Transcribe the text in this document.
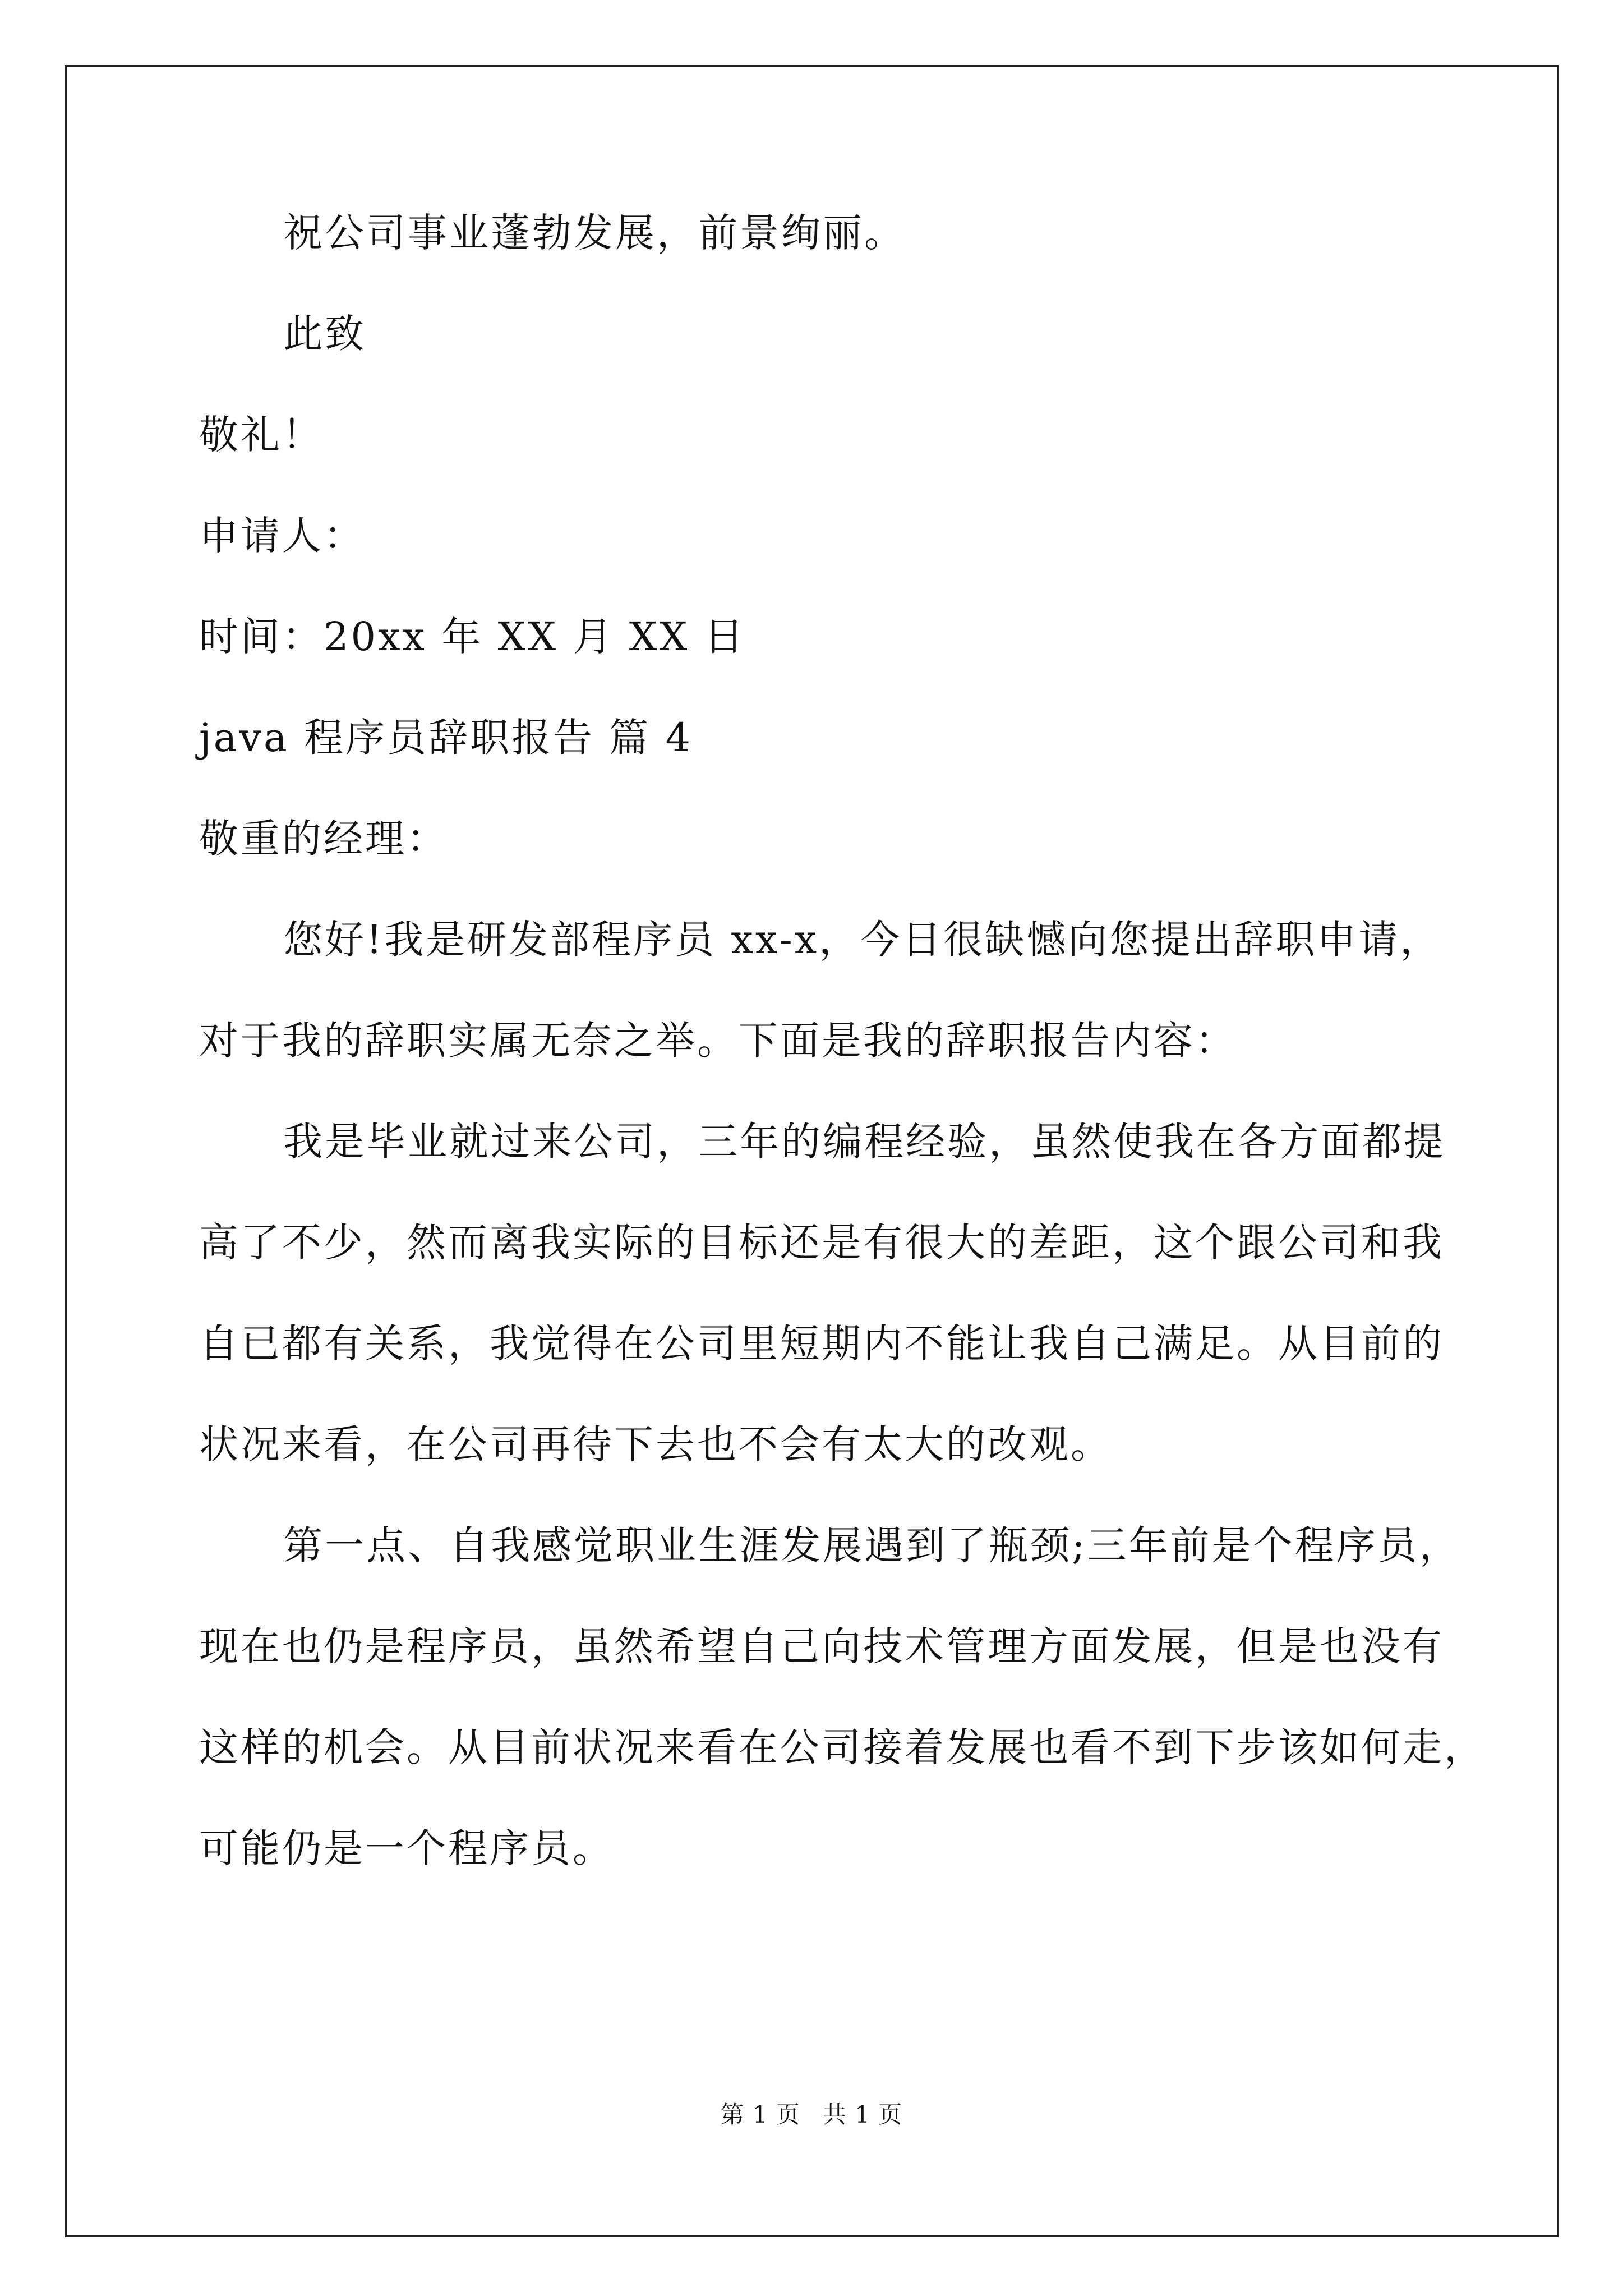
祝公司事业蓬勃发展，前景绚丽。
此致
敬礼！
申请人：
时间：20xx 年 XX 月 XX 日
java 程序员辞职报告 篇 4
敬重的经理：
您好!我是研发部程序员 xx-x，今日很缺憾向您提出辞职申请，
对于我的辞职实属无奈之举。下面是我的辞职报告内容：
我是毕业就过来公司，三年的编程经验，虽然使我在各方面都提
高了不少，然而离我实际的目标还是有很大的差距，这个跟公司和我
自已都有关系，我觉得在公司里短期内不能让我自己满足。从目前的
状况来看，在公司再待下去也不会有太大的改观。
第一点、自我感觉职业生涯发展遇到了瓶颈;三年前是个程序员，
现在也仍是程序员，虽然希望自己向技术管理方面发展，但是也没有
这样的机会。从目前状况来看在公司接着发展也看不到下步该如何走，
可能仍是一个程序员。
第 1 页 共 1 页
